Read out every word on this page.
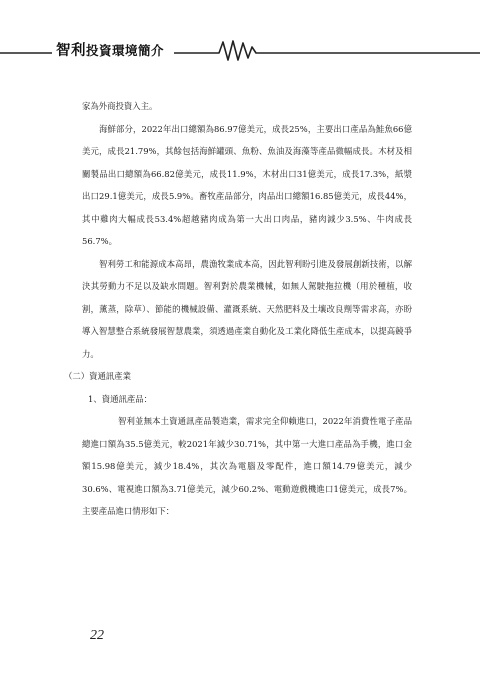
智利投資環境簡介

家為外商投資入主。

海鮮部分，2022年出口總額為86.97億美元，成長25%，主要出口產品為鮭魚66億美元，成長21.79%，其餘包括海鮮罐頭、魚粉、魚油及海藻等產品微幅成長。木材及相關製品出口總額為66.82億美元，成長11.9%，木材出口31億美元，成長17.3%，紙漿出口29.1億美元，成長5.9%。畜牧產品部分，肉品出口總額16.85億美元，成長44%，其中雞肉大幅成長53.4%超越豬肉成為第一大出口肉品，豬肉減少3.5%、牛肉成長56.7%。

智利勞工和能源成本高昂，農漁牧業成本高，因此智利盼引進及發展創新技術，以解決其勞動力不足以及缺水問題。智利對於農業機械，如無人駕駛拖拉機（用於種植，收割，薰蒸，除草）、節能的機械設備、灌溉系統、天然肥料及土壤改良劑等需求高，亦盼導入智慧整合系統發展智慧農業，須透過產業自動化及工業化降低生產成本，以提高競爭力。

（二）資通訊產業

1、資通訊產品：

智利並無本土資通訊產品製造業，需求完全仰賴進口，2022年消費性電子產品總進口額為35.5億美元，較2021年減少30.71%，其中第一大進口產品為手機，進口金額15.98億美元，減少18.4%，其次為電腦及零配件，進口額14.79億美元，減少30.6%、電視進口額為3.71億美元，減少60.2%、電動遊戲機進口1億美元，成長7%。主要產品進口情形如下：

22
